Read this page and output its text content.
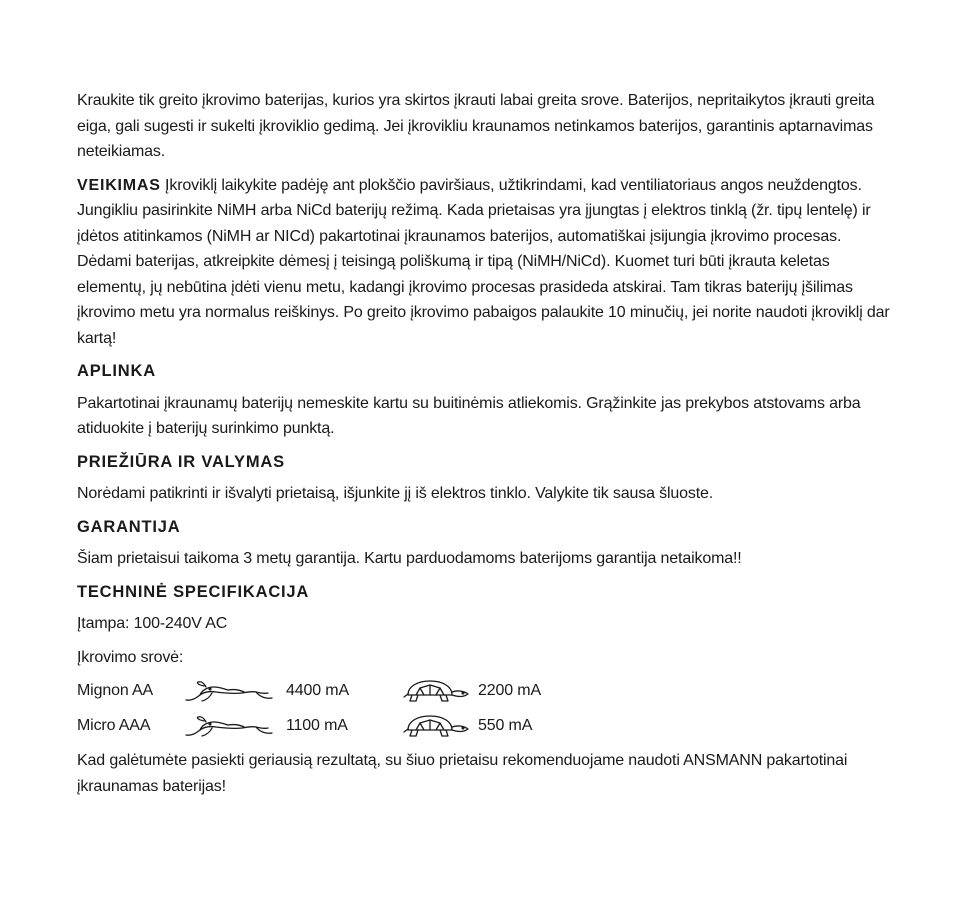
Kraukite tik greito įkrovimo baterijas, kurios yra skirtos įkrauti labai greita srove. Baterijos, nepritaikytos įkrauti greita eiga, gali sugesti ir sukelti įkroviklio gedimą. Jei įkrovikliu kraunamos netinkamos baterijos, garantinis aptarnavimas neteikiamas.

VEIKIMAS Įkroviklį laikykite padėję ant plokščio paviršiaus, užtikrindami, kad ventiliatoriaus angos neuždengtos. Jungikliu pasirinkite NiMH arba NiCd baterijų režimą. Kada prietaisas yra įjungtas į elektros tinklą (žr. tipų lentelę) ir įdėtos atitinkamos (NiMH ar NICd) pakartotinai įkraunamos baterijos, automatiškai įsijungia įkrovimo procesas. Dėdami baterijas, atkreipkite dėmesį į teisingą poliškumą ir tipą (NiMH/NiCd). Kuomet turi būti įkrauta keletas elementų, jų nebūtina įdėti vienu metu, kadangi įkrovimo procesas prasideda atskirai. Tam tikras baterijų įšilimas įkrovimo metu yra normalus reiškinys. Po greito įkrovimo pabaigos palaukite 10 minučių, jei norite naudoti įkroviklį dar kartą!

APLINKA

Pakartotinai įkraunamų baterijų nemeskite kartu su buitinėmis atliekomis. Grąžinkite jas prekybos atstovams arba atiduokite į baterijų surinkimo punktą.

PRIEŽIŪRA IR VALYMAS

Norėdami patikrinti ir išvalyti prietaisą, išjunkite jį iš elektros tinklo. Valykite tik sausa šluoste.

GARANTIJA

Šiam prietaisui taikoma 3 metų garantija. Kartu parduodamoms baterijoms garantija netaikoma!!

TECHNINĖ SPECIFIKACIJA

Įtampa: 100-240V AC

Įkrovimo srovė:

Mignon AA	4400 mA	2200 mA
Micro AAA	1100 mA	550 mA

Kad galėtumėte pasiekti geriausią rezultatą, su šiuo prietaisu rekomenduojame naudoti ANSMANN pakartotinai įkraunamas baterijas!
